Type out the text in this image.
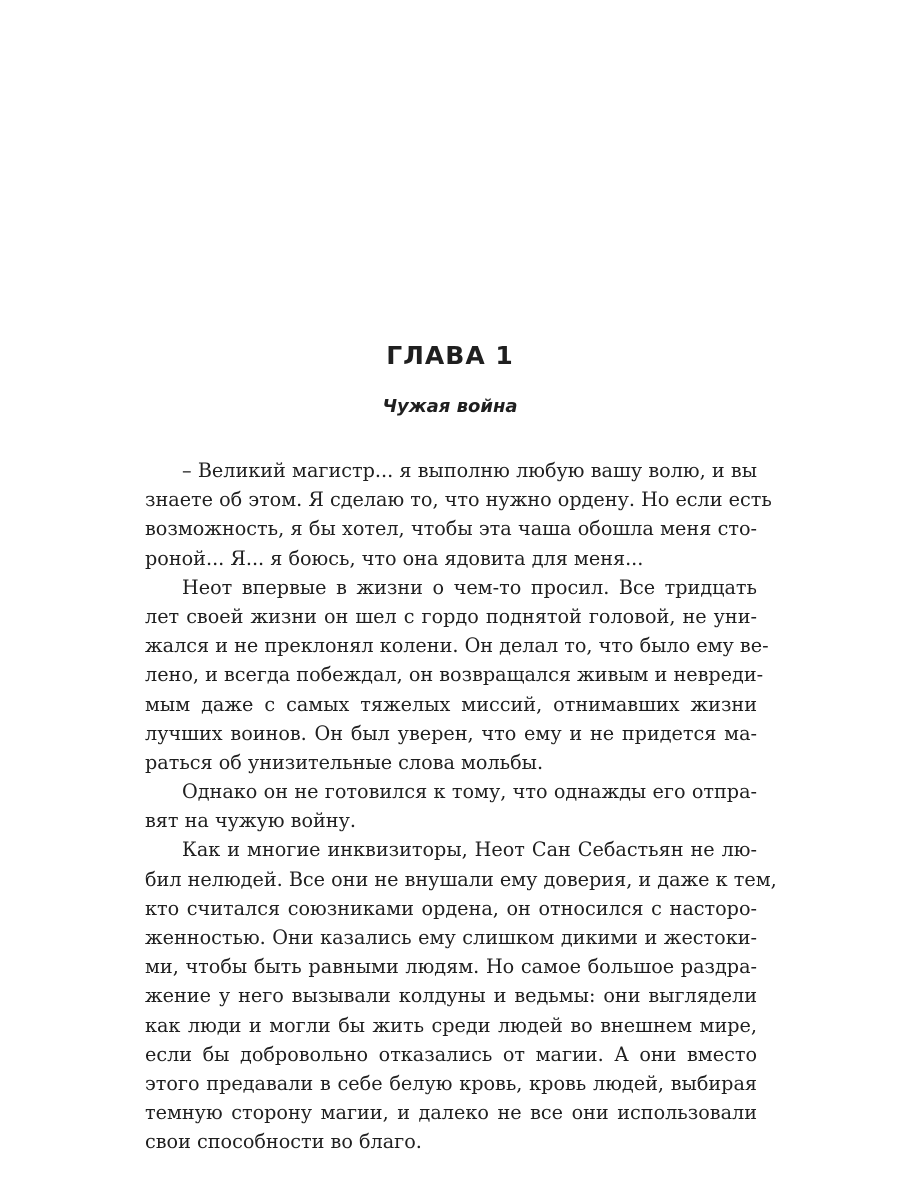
ГЛАВА 1
Чужая война
– Великий магистр... я выполню любую вашу волю, и вы
знаете об этом. Я сделаю то, что нужно ордену. Но если есть
возможность, я бы хотел, чтобы эта чаша обошла меня сто-
роной... Я... я боюсь, что она ядовита для меня...
Неот впервые в жизни о чем-то просил. Все тридцать
лет своей жизни он шел с гордо поднятой головой, не уни-
жался и не преклонял колени. Он делал то, что было ему ве-
лено, и всегда побеждал, он возвращался живым и невреди-
мым даже с самых тяжелых миссий, отнимавших жизни
лучших воинов. Он был уверен, что ему и не придется ма-
раться об унизительные слова мольбы.
Однако он не готовился к тому, что однажды его отпра-
вят на чужую войну.
Как и многие инквизиторы, Неот Сан Себастьян не лю-
бил нелюдей. Все они не внушали ему доверия, и даже к тем,
кто считался союзниками ордена, он относился с насторо-
женностью. Они казались ему слишком дикими и жестоки-
ми, чтобы быть равными людям. Но самое большое раздра-
жение у него вызывали колдуны и ведьмы: они выглядели
как люди и могли бы жить среди людей во внешнем мире,
если бы добровольно отказались от магии. А они вместо
этого предавали в себе белую кровь, кровь людей, выбирая
темную сторону магии, и далеко не все они использовали
свои способности во благо.
